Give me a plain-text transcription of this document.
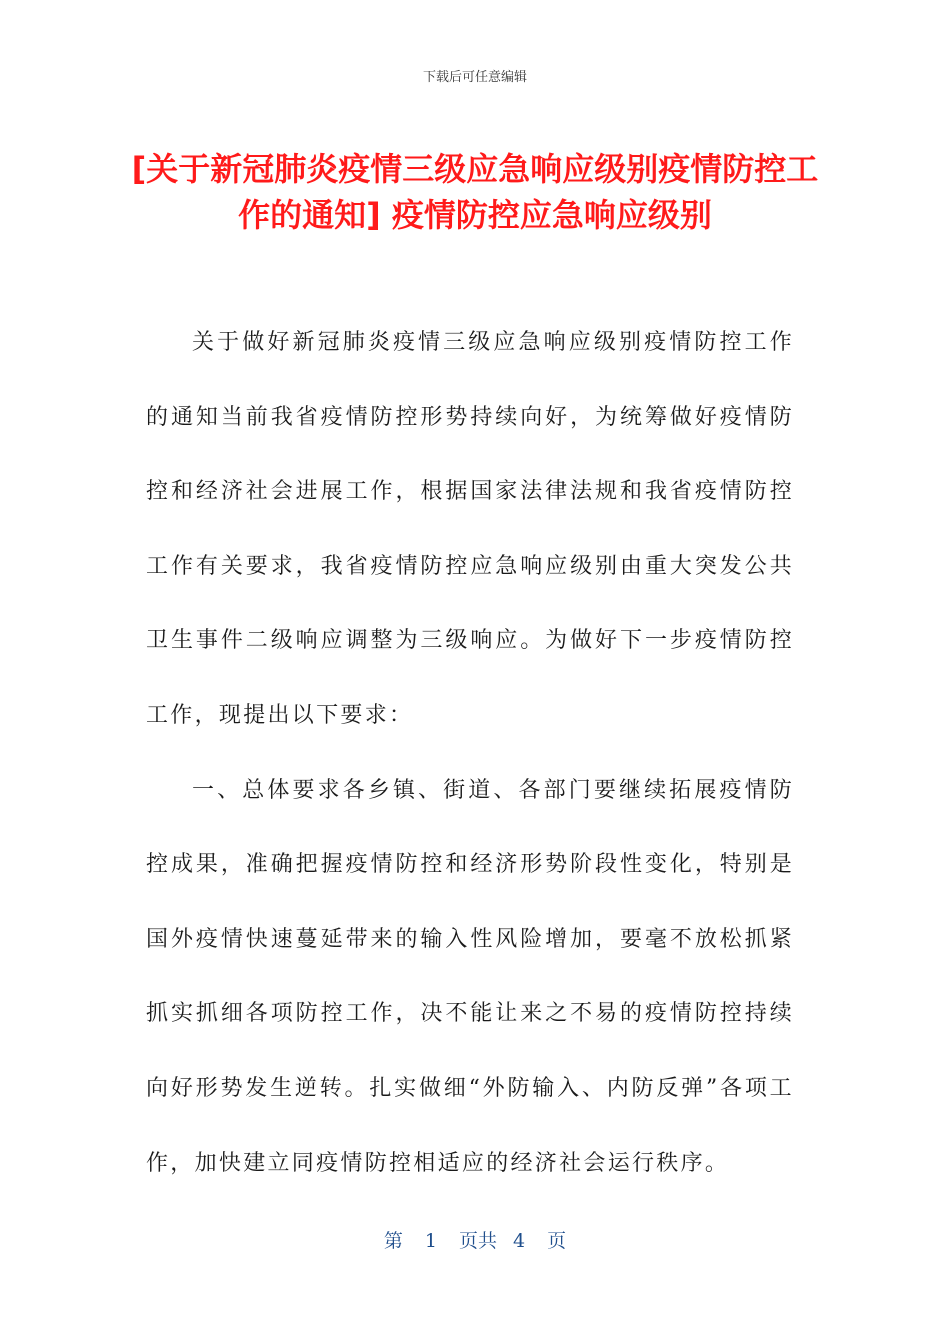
下载后可任意编辑
[关于新冠肺炎疫情三级应急响应级别疫情防控工作的通知] 疫情防控应急响应级别

关于做好新冠肺炎疫情三级应急响应级别疫情防控工作的通知当前我省疫情防控形势持续向好，为统筹做好疫情防控和经济社会进展工作，根据国家法律法规和我省疫情防控工作有关要求，我省疫情防控应急响应级别由重大突发公共卫生事件二级响应调整为三级响应。为做好下一步疫情防控工作，现提出以下要求：

一、总体要求各乡镇、街道、各部门要继续拓展疫情防控成果，准确把握疫情防控和经济形势阶段性变化，特别是国外疫情快速蔓延带来的输入性风险增加，要毫不放松抓紧抓实抓细各项防控工作，决不能让来之不易的疫情防控持续向好形势发生逆转。扎实做细“外防输入、内防反弹”各项工作，加快建立同疫情防控相适应的经济社会运行秩序。

第 1 页共 4 页
